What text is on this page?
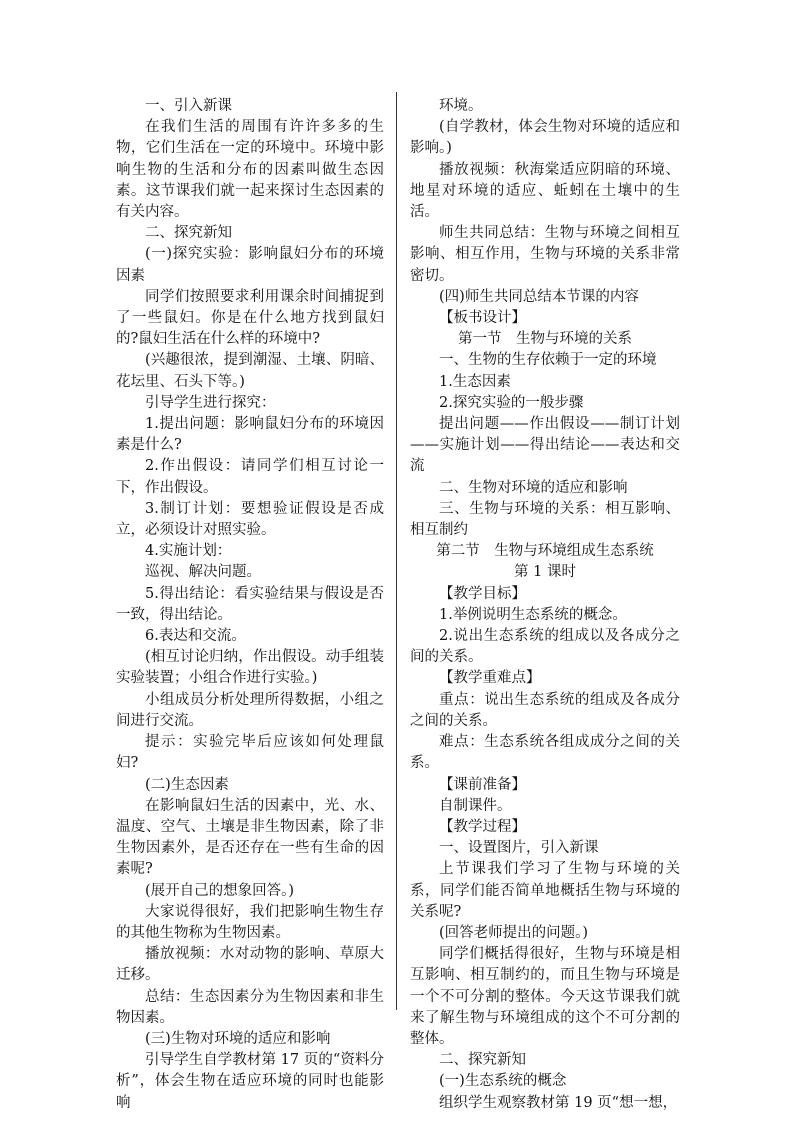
一、引入新课

在我们生活的周围有许许多多的生物，它们生活在一定的环境中。环境中影响生物的生活和分布的因素叫做生态因素。这节课我们就一起来探讨生态因素的有关内容。

二、探究新知

(一)探究实验：影响鼠妇分布的环境因素

同学们按照要求利用课余时间捕捉到了一些鼠妇。你是在什么地方找到鼠妇的?鼠妇生活在什么样的环境中?

(兴趣很浓，提到潮湿、土壤、阴暗、花坛里、石头下等。)

引导学生进行探究：

1.提出问题：影响鼠妇分布的环境因素是什么?

2.作出假设：请同学们相互讨论一下，作出假设。

3.制订计划：要想验证假设是否成立，必须设计对照实验。

4.实施计划：

巡视、解决问题。

5.得出结论：看实验结果与假设是否一致，得出结论。

6.表达和交流。

(相互讨论归纳，作出假设。动手组装实验装置；小组合作进行实验。)

小组成员分析处理所得数据，小组之间进行交流。

提示：实验完毕后应该如何处理鼠妇?

(二)生态因素

在影响鼠妇生活的因素中，光、水、温度、空气、土壤是非生物因素，除了非生物因素外，是否还存在一些有生命的因素呢?

(展开自己的想象回答。)

大家说得很好，我们把影响生物生存的其他生物称为生物因素。

播放视频：水对动物的影响、草原大迁移。

总结：生态因素分为生物因素和非生物因素。

(三)生物对环境的适应和影响

引导学生自学教材第 17 页的“资料分析”，体会生物在适应环境的同时也能影响

环境。

(自学教材，体会生物对环境的适应和影响。)

播放视频：秋海棠适应阴暗的环境、地星对环境的适应、蚯蚓在土壤中的生活。

师生共同总结：生物与环境之间相互影响、相互作用，生物与环境的关系非常密切。

(四)师生共同总结本节课的内容

【板书设计】

第一节　生物与环境的关系

一、生物的生存依赖于一定的环境

1.生态因素

2.探究实验的一般步骤

提出问题——作出假设——制订计划——实施计划——得出结论——表达和交流

二、生物对环境的适应和影响

三、生物与环境的关系：相互影响、相互制约

第二节　生物与环境组成生态系统

第 1 课时

【教学目标】

1.举例说明生态系统的概念。

2.说出生态系统的组成以及各成分之间的关系。

【教学重难点】

重点：说出生态系统的组成及各成分之间的关系。

难点：生态系统各组成成分之间的关系。

【课前准备】

自制课件。

【教学过程】

一、设置图片，引入新课

上节课我们学习了生物与环境的关系，同学们能否简单地概括生物与环境的关系呢?

(回答老师提出的问题。)

同学们概括得很好，生物与环境是相互影响、相互制约的，而且生物与环境是一个不可分割的整体。今天这节课我们就来了解生物与环境组成的这个不可分割的整体。

二、探究新知

(一)生态系统的概念

组织学生观察教材第 19 页“想一想，
